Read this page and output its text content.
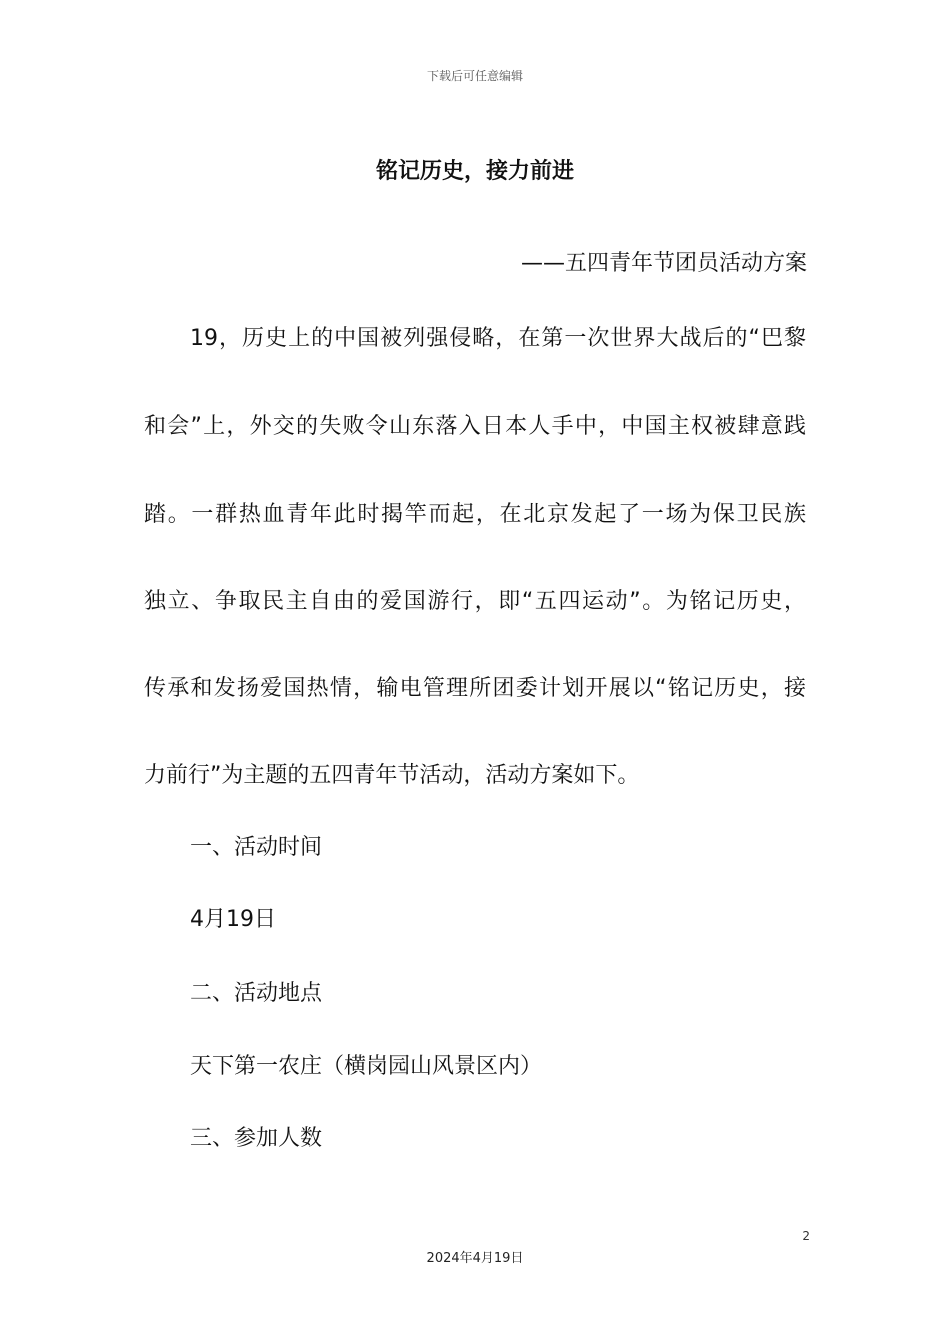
下载后可任意编辑
铭记历史，接力前进
——五四青年节团员活动方案
19，历史上的中国被列强侵略，在第一次世界大战后的“巴黎
和会”上，外交的失败令山东落入日本人手中，中国主权被肆意践
踏。一群热血青年此时揭竿而起，在北京发起了一场为保卫民族
独立、争取民主自由的爱国游行，即“五四运动”。为铭记历史，
传承和发扬爱国热情，输电管理所团委计划开展以“铭记历史，接
力前行”为主题的五四青年节活动，活动方案如下。
一、活动时间
4月19日
二、活动地点
天下第一农庄（横岗园山风景区内）
三、参加人数
2
2024年4月19日
